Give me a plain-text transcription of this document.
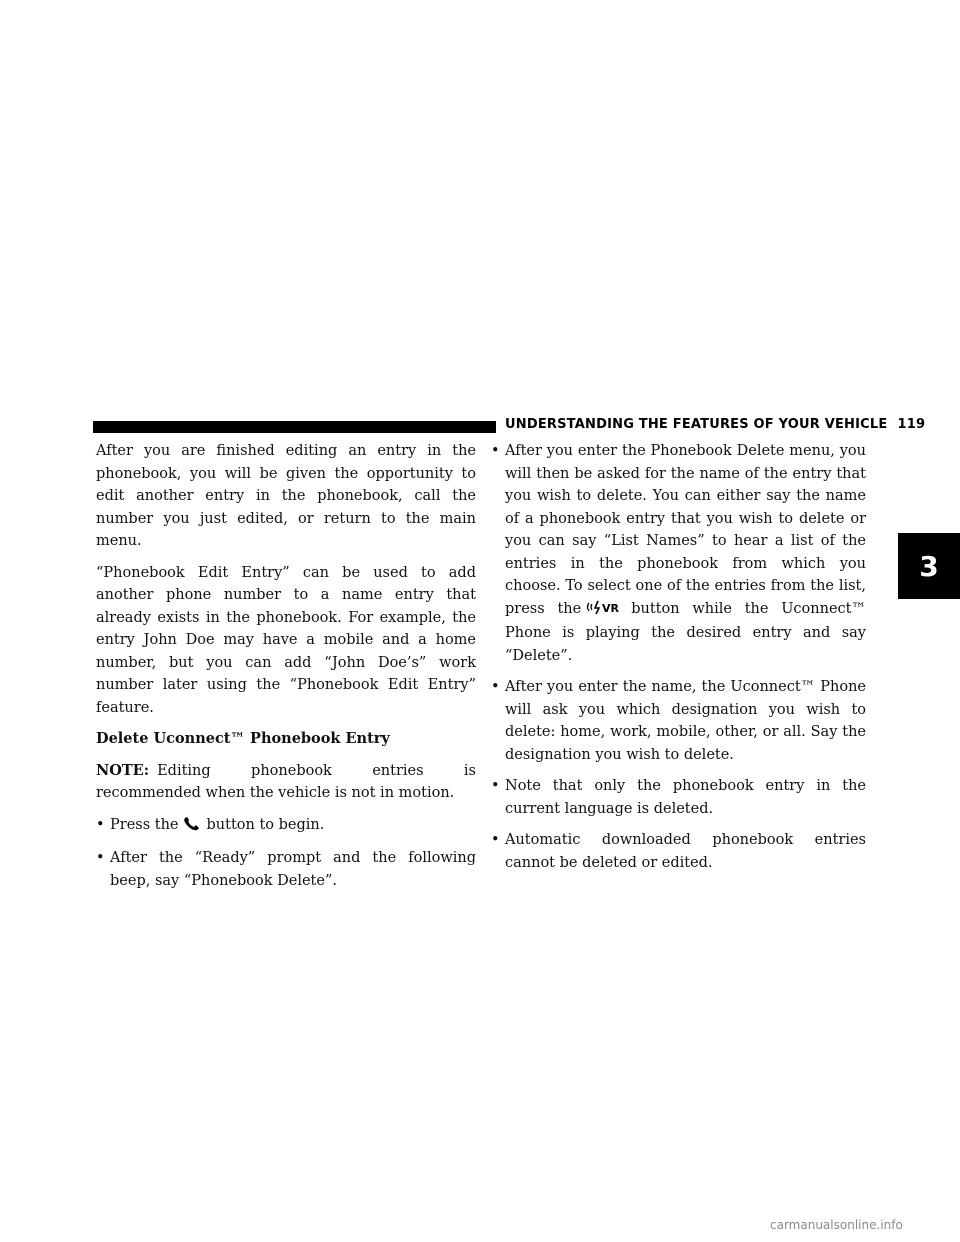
UNDERSTANDING THE FEATURES OF YOUR VEHICLE 119
3

After you are finished editing an entry in the phonebook, you will be given the opportunity to edit another entry in the phonebook, call the number you just edited, or return to the main menu.

“Phonebook Edit Entry” can be used to add another phone number to a name entry that already exists in the phonebook. For example, the entry John Doe may have a mobile and a home number, but you can add “John Doe’s” work number later using the “Phonebook Edit Entry” feature.

Delete Uconnect™ Phonebook Entry

NOTE: Editing phonebook entries is recommended when the vehicle is not in motion.

• Press the button to begin.
• After the “Ready” prompt and the following beep, say “Phonebook Delete”.
• After you enter the Phonebook Delete menu, you will then be asked for the name of the entry that you wish to delete. You can either say the name of a phonebook entry that you wish to delete or you can say “List Names” to hear a list of the entries in the phonebook from which you choose. To select one of the entries from the list, press the VR button while the Uconnect™ Phone is playing the desired entry and say “Delete”.
• After you enter the name, the Uconnect™ Phone will ask you which designation you wish to delete: home, work, mobile, other, or all. Say the designation you wish to delete.
• Note that only the phonebook entry in the current language is deleted.
• Automatic downloaded phonebook entries cannot be deleted or edited.
carmanualsonline.info
